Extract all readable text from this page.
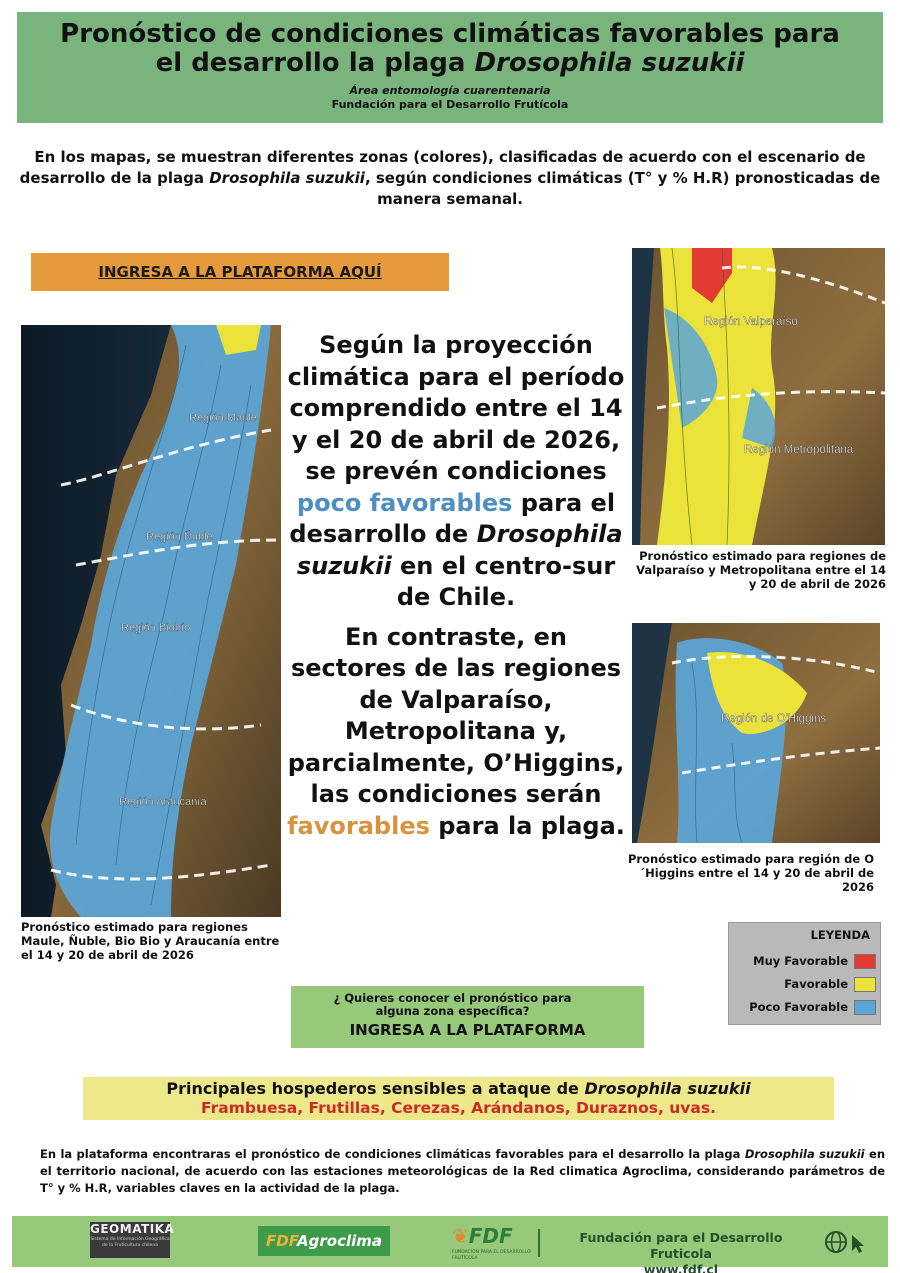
Pronóstico de condiciones climáticas favorables para
el desarrollo la plaga Drosophila suzukii
Área entomología cuarentenaria
Fundación para el Desarrollo Frutícola
En los mapas, se muestran diferentes zonas (colores), clasificadas de acuerdo con el escenario de desarrollo de la plaga Drosophila suzukii, según condiciones climáticas (T° y % H.R) pronosticadas de manera semanal.
INGRESA A LA PLATAFORMA AQUÍ
Región Maule
Región Ñuble
Región Biobío
Región Araucanía
Pronóstico estimado para regiones Maule, Ñuble, Bio Bio y Araucanía entre el 14 y 20 de abril de 2026
Región Valparaíso
Región Metropolitana
Pronóstico estimado para regiones de Valparaíso y Metropolitana entre el 14 y 20 de abril de 2026
Región de O'Higgins
Pronóstico estimado para región de O´Higgins entre el 14 y 20 de abril de 2026
Según la proyección climática para el período comprendido entre el 14 y el 20 de abril de 2026, se prevén condiciones poco favorables para el desarrollo de Drosophila suzukii en el centro-sur de Chile.
En contraste, en sectores de las regiones de Valparaíso, Metropolitana y, parcialmente, O’Higgins, las condiciones serán favorables para la plaga.
LEYENDA
Muy Favorable
Favorable
Poco Favorable
¿ Quieres conocer el pronóstico para alguna zona específica?
INGRESA A LA PLATAFORMA
Principales hospederos sensibles a ataque de Drosophila suzukii
Frambuesa, Frutillas, Cerezas, Arándanos, Duraznos, uvas.
En la plataforma encontraras el pronóstico de condiciones climáticas favorables para el desarrollo la plaga Drosophila suzukii en el territorio nacional, de acuerdo con las estaciones meteorológicas de la Red climatica Agroclima, considerando parámetros de T° y % H.R, variables claves en la actividad de la plaga.
GEOMATIKA
Sistema de Información Geográfica de la Fruticultura chilena	FDFAgroclima	❦FDF
FUNDACIÓN PARA EL DESARROLLO FRUTÍCOLA
Fundación para el Desarrollo Fruticola
www.fdf.cl
